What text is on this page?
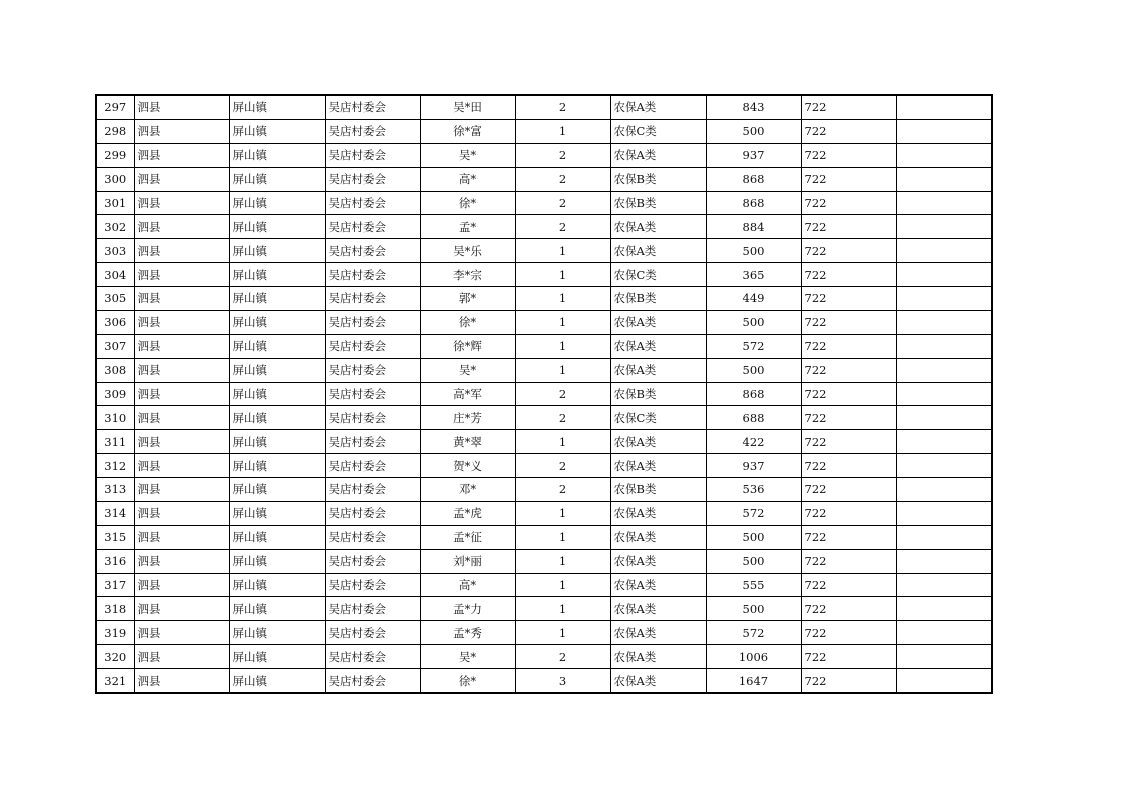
297	泗县	屏山镇	吴店村委会	吴*田	2	农保A类	843	722	
298	泗县	屏山镇	吴店村委会	徐*富	1	农保C类	500	722	
299	泗县	屏山镇	吴店村委会	吴*	2	农保A类	937	722	
300	泗县	屏山镇	吴店村委会	高*	2	农保B类	868	722	
301	泗县	屏山镇	吴店村委会	徐*	2	农保B类	868	722	
302	泗县	屏山镇	吴店村委会	孟*	2	农保A类	884	722	
303	泗县	屏山镇	吴店村委会	吴*乐	1	农保A类	500	722	
304	泗县	屏山镇	吴店村委会	李*宗	1	农保C类	365	722	
305	泗县	屏山镇	吴店村委会	郭*	1	农保B类	449	722	
306	泗县	屏山镇	吴店村委会	徐*	1	农保A类	500	722	
307	泗县	屏山镇	吴店村委会	徐*辉	1	农保A类	572	722	
308	泗县	屏山镇	吴店村委会	吴*	1	农保A类	500	722	
309	泗县	屏山镇	吴店村委会	高*军	2	农保B类	868	722	
310	泗县	屏山镇	吴店村委会	庄*芳	2	农保C类	688	722	
311	泗县	屏山镇	吴店村委会	黄*翠	1	农保A类	422	722	
312	泗县	屏山镇	吴店村委会	贺*义	2	农保A类	937	722	
313	泗县	屏山镇	吴店村委会	邓*	2	农保B类	536	722	
314	泗县	屏山镇	吴店村委会	孟*虎	1	农保A类	572	722	
315	泗县	屏山镇	吴店村委会	孟*征	1	农保A类	500	722	
316	泗县	屏山镇	吴店村委会	刘*丽	1	农保A类	500	722	
317	泗县	屏山镇	吴店村委会	高*	1	农保A类	555	722	
318	泗县	屏山镇	吴店村委会	孟*力	1	农保A类	500	722	
319	泗县	屏山镇	吴店村委会	孟*秀	1	农保A类	572	722	
320	泗县	屏山镇	吴店村委会	吴*	2	农保A类	1006	722	
321	泗县	屏山镇	吴店村委会	徐*	3	农保A类	1647	722	
